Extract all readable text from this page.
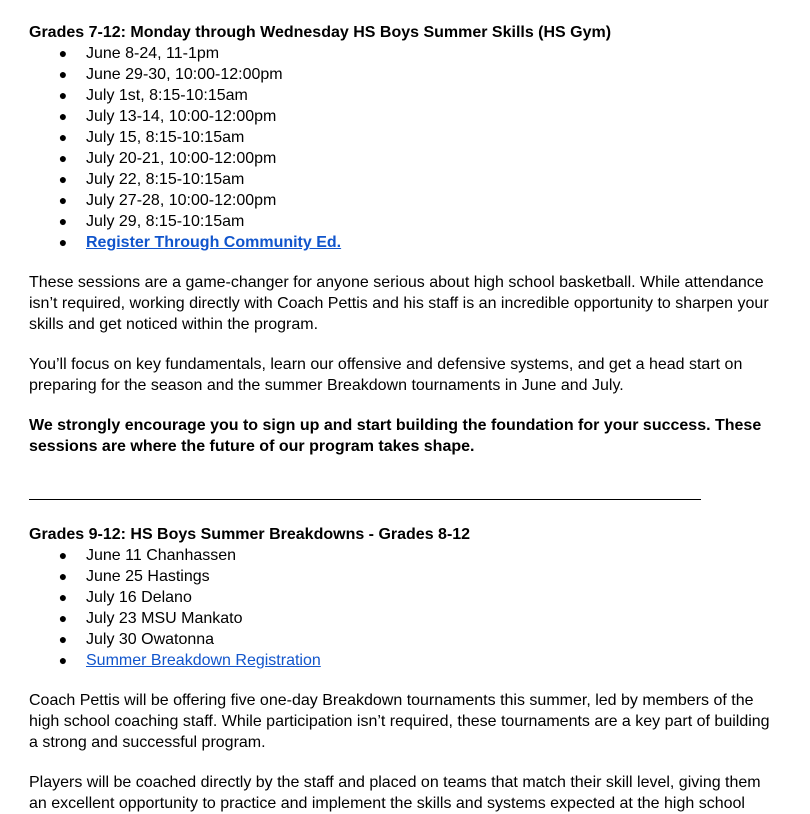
Grades 7-12: Monday through Wednesday HS Boys Summer Skills (HS Gym)

● June 8-24, 11-1pm
● June 29-30, 10:00-12:00pm
● July 1st, 8:15-10:15am
● July 13-14, 10:00-12:00pm
● July 15, 8:15-10:15am
● July 20-21, 10:00-12:00pm
● July 22, 8:15-10:15am
● July 27-28, 10:00-12:00pm
● July 29, 8:15-10:15am
● Register Through Community Ed.

These sessions are a game-changer for anyone serious about high school basketball. While attendance
isn’t required, working directly with Coach Pettis and his staff is an incredible opportunity to sharpen your
skills and get noticed within the program.

You’ll focus on key fundamentals, learn our offensive and defensive systems, and get a head start on
preparing for the season and the summer Breakdown tournaments in June and July.

We strongly encourage you to sign up and start building the foundation for your success. These
sessions are where the future of our program takes shape.

Grades 9-12: HS Boys Summer Breakdowns - Grades 8-12

● June 11 Chanhassen
● June 25 Hastings
● July 16 Delano
● July 23 MSU Mankato
● July 30 Owatonna
● Summer Breakdown Registration

Coach Pettis will be offering five one-day Breakdown tournaments this summer, led by members of the
high school coaching staff. While participation isn’t required, these tournaments are a key part of building
a strong and successful program.

Players will be coached directly by the staff and placed on teams that match their skill level, giving them
an excellent opportunity to practice and implement the skills and systems expected at the high school
